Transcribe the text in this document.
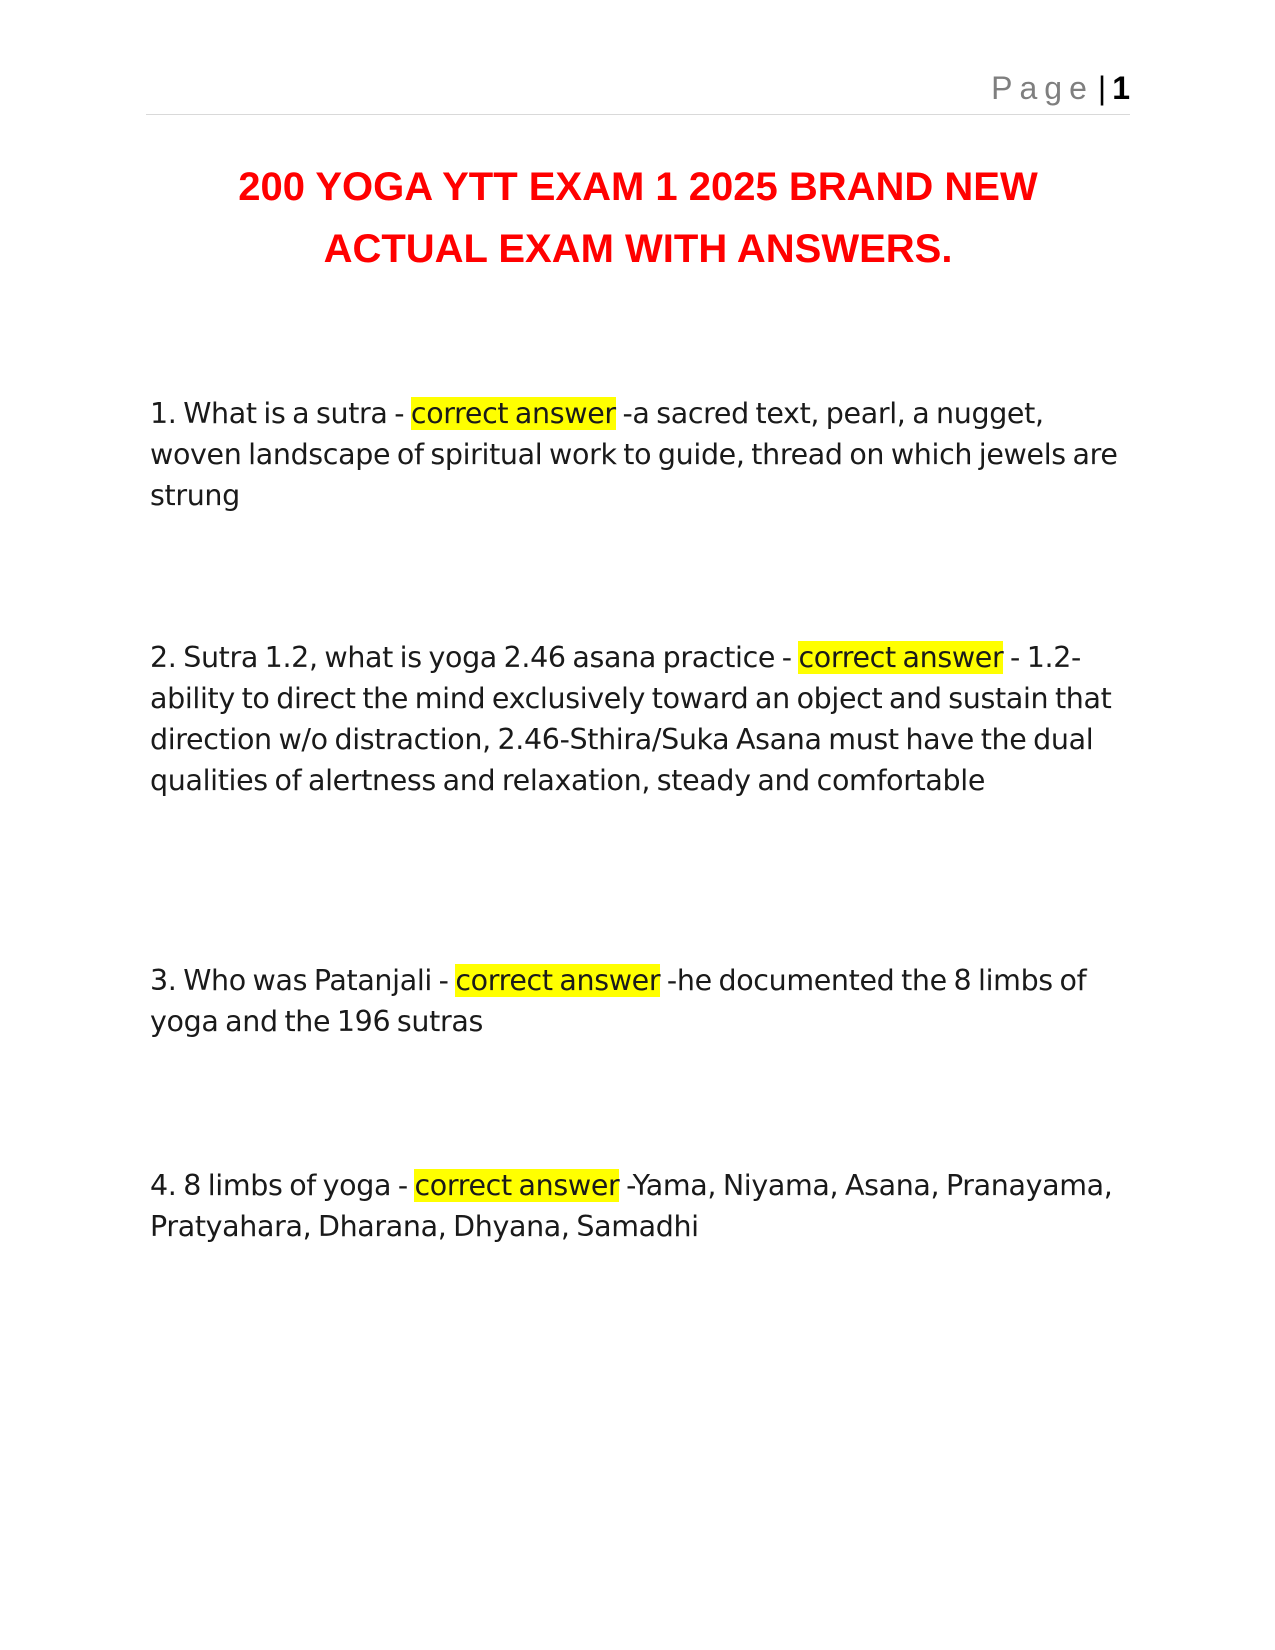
Page | 1
200 YOGA YTT EXAM 1 2025 BRAND NEW
ACTUAL EXAM WITH ANSWERS.
1. What is a sutra - correct answer -a sacred text, pearl, a nugget, woven landscape of spiritual work to guide, thread on which jewels are strung
2. Sutra 1.2, what is yoga 2.46 asana practice - correct answer - 1.2-ability to direct the mind exclusively toward an object and sustain that direction w/o distraction, 2.46-Sthira/Suka Asana must have the dual qualities of alertness and relaxation, steady and comfortable
3. Who was Patanjali - correct answer -he documented the 8 limbs of yoga and the 196 sutras
4. 8 limbs of yoga - correct answer -Yama, Niyama, Asana, Pranayama, Pratyahara, Dharana, Dhyana, Samadhi
